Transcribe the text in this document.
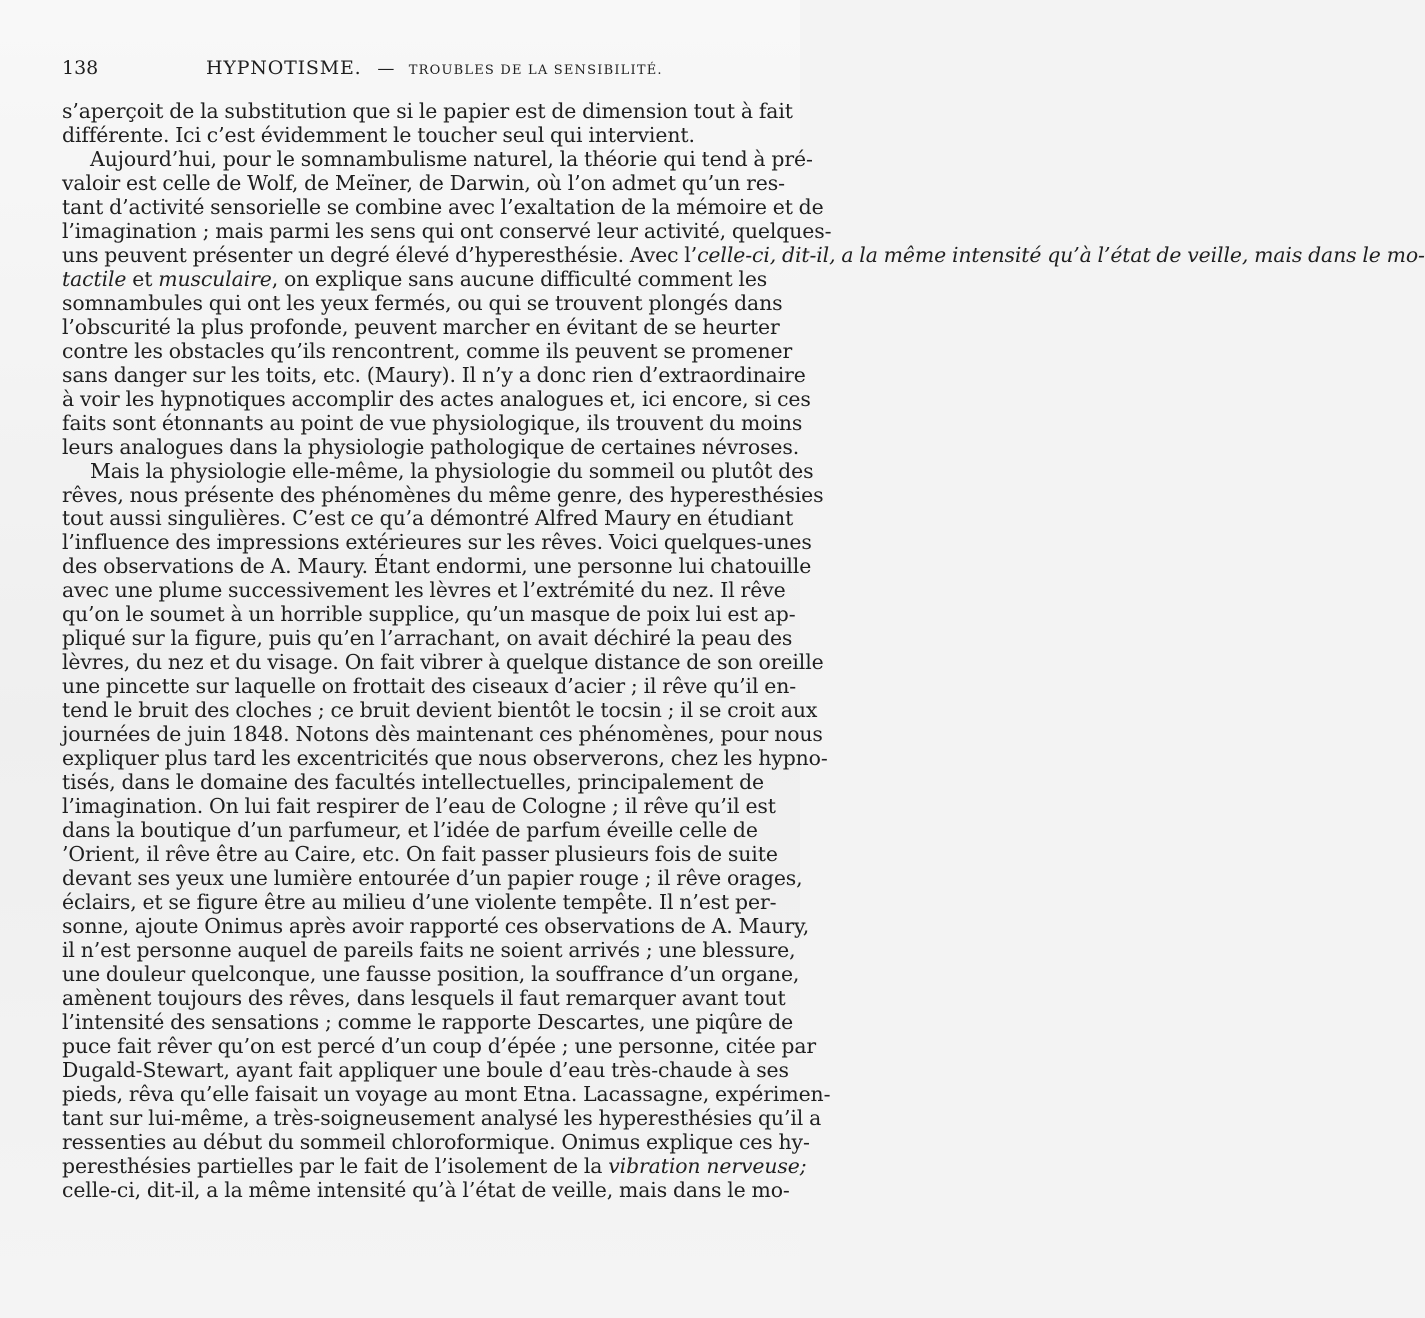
138	HYPNOTISME. — TROUBLES DE LA SENSIBILITÉ.
s’aperçoit de la substitution que si le papier est de dimension tout à fait
différente. Ici c’est évidemment le toucher seul qui intervient.
Aujourd’hui, pour le somnambulisme naturel, la théorie qui tend à pré-
valoir est celle de Wolf, de Meïner, de Darwin, où l’on admet qu’un res-
tant d’activité sensorielle se combine avec l’exaltation de la mémoire et de
l’imagination ; mais parmi les sens qui ont conservé leur activité, quelques-
uns peuvent présenter un degré élevé d’hyperesthésie. Avec l’celle-ci, dit-il, a la même intensité qu’à l’état de veille, mais dans le mo-
tactile et musculaire, on explique sans aucune difficulté comment les
somnambules qui ont les yeux fermés, ou qui se trouvent plongés dans
l’obscurité la plus profonde, peuvent marcher en évitant de se heurter
contre les obstacles qu’ils rencontrent, comme ils peuvent se promener
sans danger sur les toits, etc. (Maury). Il n’y a donc rien d’extraordinaire
à voir les hypnotiques accomplir des actes analogues et, ici encore, si ces
faits sont étonnants au point de vue physiologique, ils trouvent du moins
leurs analogues dans la physiologie pathologique de certaines névroses.
Mais la physiologie elle-même, la physiologie du sommeil ou plutôt des
rêves, nous présente des phénomènes du même genre, des hyperesthésies
tout aussi singulières. C’est ce qu’a démontré Alfred Maury en étudiant
l’influence des impressions extérieures sur les rêves. Voici quelques-unes
des observations de A. Maury. Étant endormi, une personne lui chatouille
avec une plume successivement les lèvres et l’extrémité du nez. Il rêve
qu’on le soumet à un horrible supplice, qu’un masque de poix lui est ap-
pliqué sur la figure, puis qu’en l’arrachant, on avait déchiré la peau des
lèvres, du nez et du visage. On fait vibrer à quelque distance de son oreille
une pincette sur laquelle on frottait des ciseaux d’acier ; il rêve qu’il en-
tend le bruit des cloches ; ce bruit devient bientôt le tocsin ; il se croit aux
journées de juin 1848. Notons dès maintenant ces phénomènes, pour nous
expliquer plus tard les excentricités que nous observerons, chez les hypno-
tisés, dans le domaine des facultés intellectuelles, principalement de
l’imagination. On lui fait respirer de l’eau de Cologne ; il rêve qu’il est
dans la boutique d’un parfumeur, et l’idée de parfum éveille celle de
’Orient, il rêve être au Caire, etc. On fait passer plusieurs fois de suite
devant ses yeux une lumière entourée d’un papier rouge ; il rêve orages,
éclairs, et se figure être au milieu d’une violente tempête. Il n’est per-
sonne, ajoute Onimus après avoir rapporté ces observations de A. Maury,
il n’est personne auquel de pareils faits ne soient arrivés ; une blessure,
une douleur quelconque, une fausse position, la souffrance d’un organe,
amènent toujours des rêves, dans lesquels il faut remarquer avant tout
l’intensité des sensations ; comme le rapporte Descartes, une piqûre de
puce fait rêver qu’on est percé d’un coup d’épée ; une personne, citée par
Dugald-Stewart, ayant fait appliquer une boule d’eau très-chaude à ses
pieds, rêva qu’elle faisait un voyage au mont Etna. Lacassagne, expérimen-
tant sur lui-même, a très-soigneusement analysé les hyperesthésies qu’il a
ressenties au début du sommeil chloroformique. Onimus explique ces hy-
peresthésies partielles par le fait de l’isolement de la vibration nerveuse;
celle-ci, dit-il, a la même intensité qu’à l’état de veille, mais dans le mo-
